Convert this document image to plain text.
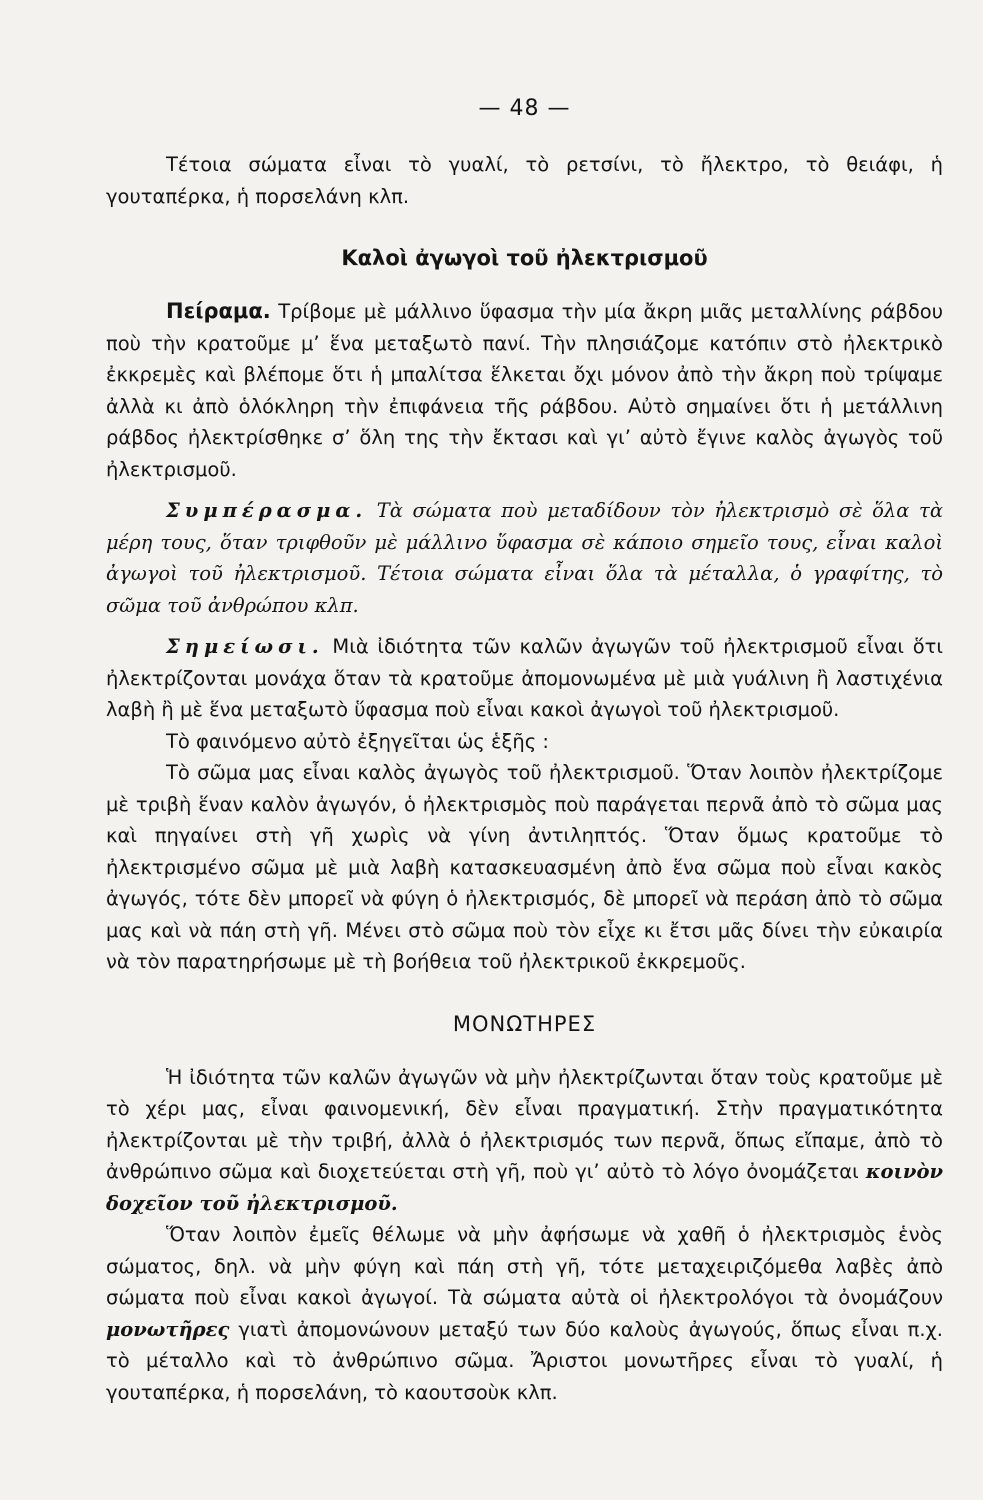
— 48 —

Τέτοια σώματα εἶναι τὸ γυαλί, τὸ ρετσίνι, τὸ ἤλεκτρο, τὸ θειάφι, ἡ γουταπέρκα, ἡ πορσελάνη κλπ.

Καλοὶ ἀγωγοὶ τοῦ ἠλεκτρισμοῦ

Πείραμα. Τρίβομε μὲ μάλλινο ὕφασμα τὴν μία ἄκρη μιᾶς μεταλλίνης ράβδου ποὺ τὴν κρατοῦμε μ’ ἕνα μεταξωτὸ πανί. Τὴν πλησιάζομε κατόπιν στὸ ἠλεκτρικὸ ἐκκρεμὲς καὶ βλέπομε ὅτι ἡ μπαλίτσα ἕλκεται ὄχι μόνον ἀπὸ τὴν ἄκρη ποὺ τρίψαμε ἀλλὰ κι ἀπὸ ὁλόκληρη τὴν ἐπιφάνεια τῆς ράβδου. Αὐτὸ σημαίνει ὅτι ἡ μετάλλινη ράβδος ἠλεκτρίσθηκε σ’ ὅλη της τὴν ἔκτασι καὶ γι’ αὐτὸ ἔγινε καλὸς ἀγωγὸς τοῦ ἠλεκτρισμοῦ.

Συμπέρασμα. Τὰ σώματα ποὺ μεταδίδουν τὸν ἠλεκτρισμὸ σὲ ὅλα τὰ μέρη τους, ὅταν τριφθοῦν μὲ μάλλινο ὕφασμα σὲ κάποιο σημεῖο τους, εἶναι καλοὶ ἀγωγοὶ τοῦ ἠλεκτρισμοῦ. Τέτοια σώματα εἶναι ὅλα τὰ μέταλλα, ὁ γραφίτης, τὸ σῶμα τοῦ ἀνθρώπου κλπ.

Σημείωσι. Μιὰ ἰδιότητα τῶν καλῶν ἀγωγῶν τοῦ ἠλεκτρισμοῦ εἶναι ὅτι ἠλεκτρίζονται μονάχα ὅταν τὰ κρατοῦμε ἀπομονωμένα μὲ μιὰ γυάλινη ἢ λαστιχένια λαβὴ ἢ μὲ ἕνα μεταξωτὸ ὕφασμα ποὺ εἶναι κακοὶ ἀγωγοὶ τοῦ ἠλεκτρισμοῦ.

Τὸ φαινόμενο αὐτὸ ἐξηγεῖται ὡς ἑξῆς :

Τὸ σῶμα μας εἶναι καλὸς ἀγωγὸς τοῦ ἠλεκτρισμοῦ. Ὅταν λοιπὸν ἠλεκτρίζομε μὲ τριβὴ ἕναν καλὸν ἀγωγόν, ὁ ἠλεκτρισμὸς ποὺ παράγεται περνᾶ ἀπὸ τὸ σῶμα μας καὶ πηγαίνει στὴ γῆ χωρὶς νὰ γίνη ἀντιληπτός. Ὅταν ὅμως κρατοῦμε τὸ ἠλεκτρισμένο σῶμα μὲ μιὰ λαβὴ κατασκευασμένη ἀπὸ ἕνα σῶμα ποὺ εἶναι κακὸς ἀγωγός, τότε δὲν μπορεῖ νὰ φύγη ὁ ἠλεκτρισμός, δὲ μπορεῖ νὰ περάση ἀπὸ τὸ σῶμα μας καὶ νὰ πάη στὴ γῆ. Μένει στὸ σῶμα ποὺ τὸν εἶχε κι ἔτσι μᾶς δίνει τὴν εὐκαιρία νὰ τὸν παρατηρήσωμε μὲ τὴ βοήθεια τοῦ ἠλεκτρικοῦ ἐκκρεμοῦς.

ΜΟΝΩΤΗΡΕΣ

Ἡ ἰδιότητα τῶν καλῶν ἀγωγῶν νὰ μὴν ἠλεκτρίζωνται ὅταν τοὺς κρατοῦμε μὲ τὸ χέρι μας, εἶναι φαινομενική, δὲν εἶναι πραγματική. Στὴν πραγματικότητα ἠλεκτρίζονται μὲ τὴν τριβή, ἀλλὰ ὁ ἠλεκτρισμός των περνᾶ, ὅπως εἴπαμε, ἀπὸ τὸ ἀνθρώπινο σῶμα καὶ διοχετεύεται στὴ γῆ, ποὺ γι’ αὐτὸ τὸ λόγο ὀνομάζεται κοινὸν δοχεῖον τοῦ ἠλεκτρισμοῦ.

Ὅταν λοιπὸν ἐμεῖς θέλωμε νὰ μὴν ἀφήσωμε νὰ χαθῆ ὁ ἠλεκτρισμὸς ἑνὸς σώματος, δηλ. νὰ μὴν φύγη καὶ πάη στὴ γῆ, τότε μεταχειριζόμεθα λαβὲς ἀπὸ σώματα ποὺ εἶναι κακοὶ ἀγωγοί. Τὰ σώματα αὐτὰ οἱ ἠλεκτρολόγοι τὰ ὀνομάζουν μονωτῆρες γιατὶ ἀπομονώνουν μεταξύ των δύο καλοὺς ἀγωγούς, ὅπως εἶναι π.χ. τὸ μέταλλο καὶ τὸ ἀνθρώπινο σῶμα. Ἄριστοι μονωτῆρες εἶναι τὸ γυαλί, ἡ γουταπέρκα, ἡ πορσελάνη, τὸ καουτσοὺκ κλπ.
